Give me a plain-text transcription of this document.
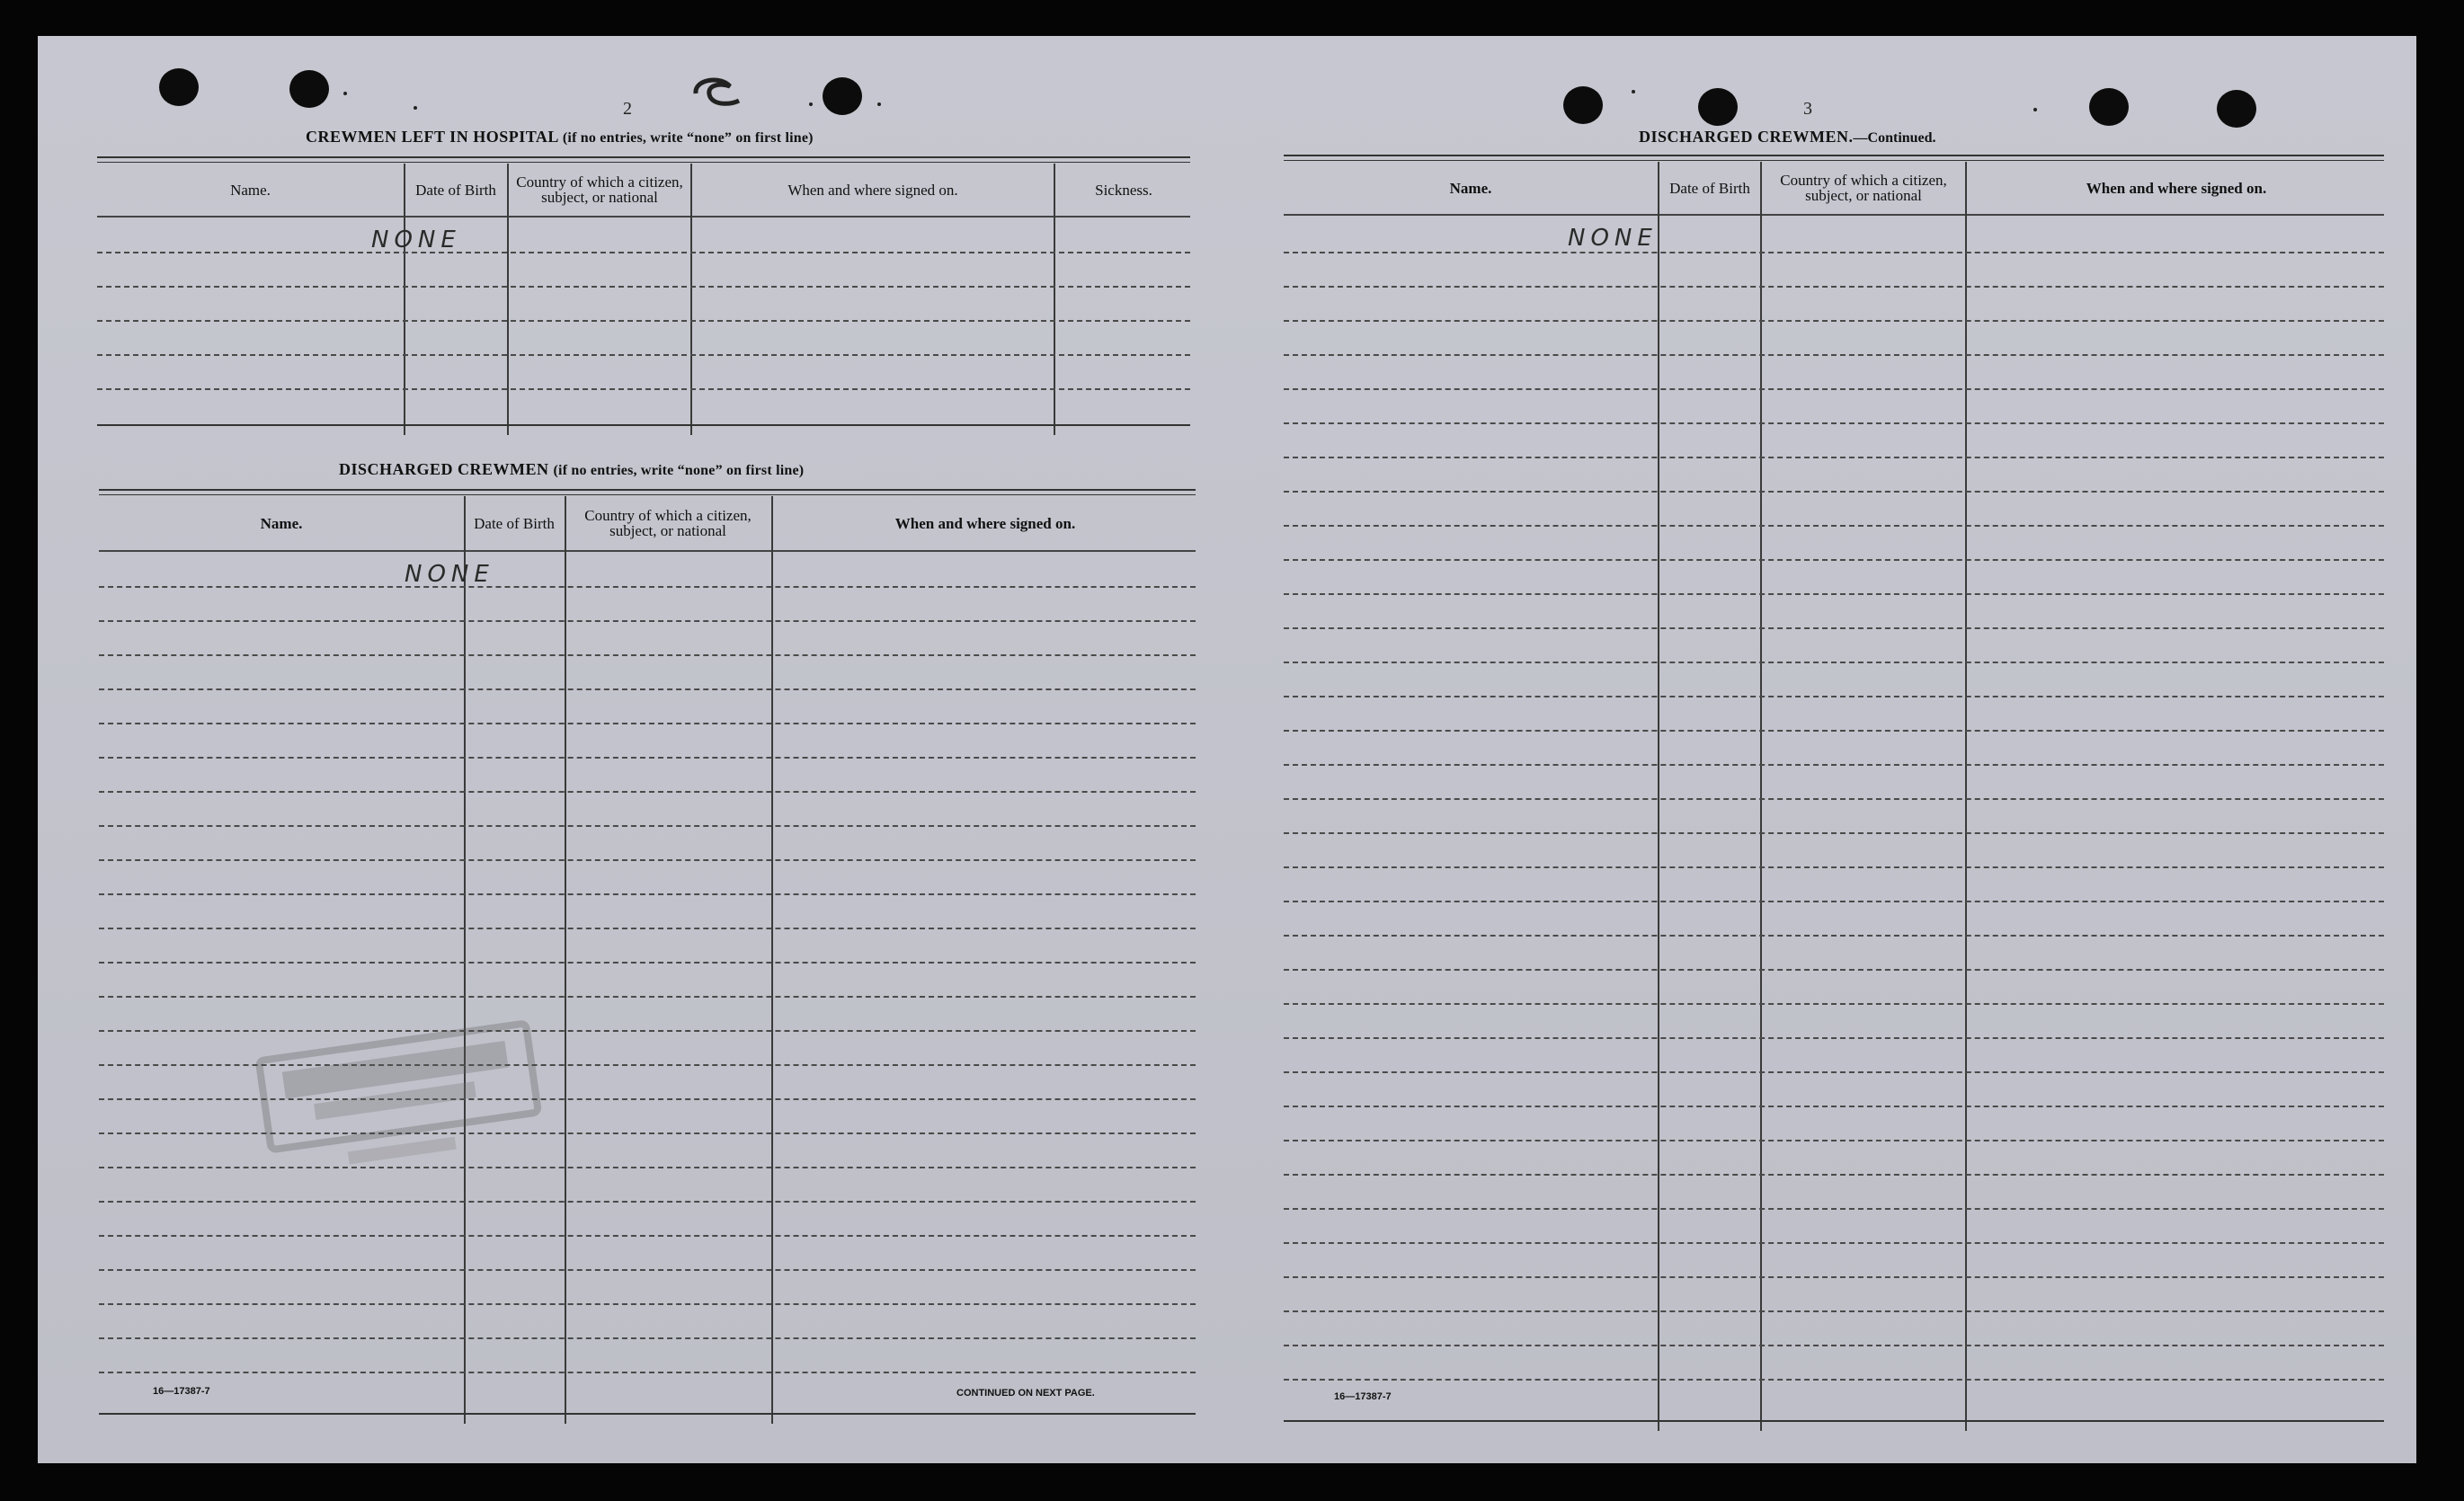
2
CREWMEN LEFT IN HOSPITAL (if no entries, write “none” on first line)
Name.	Date of Birth	Country of which a citizen, subject, or national	When and where signed on.	Sickness.
NONE
DISCHARGED CREWMEN (if no entries, write “none” on first line)
Name.	Date of Birth	Country of which a citizen, subject, or national	When and where signed on.
NONE
16—17387-7	CONTINUED ON NEXT PAGE.
3
DISCHARGED CREWMEN.—Continued.
Name.	Date of Birth	Country of which a citizen, subject, or national	When and where signed on.
NONE
16—17387-7
